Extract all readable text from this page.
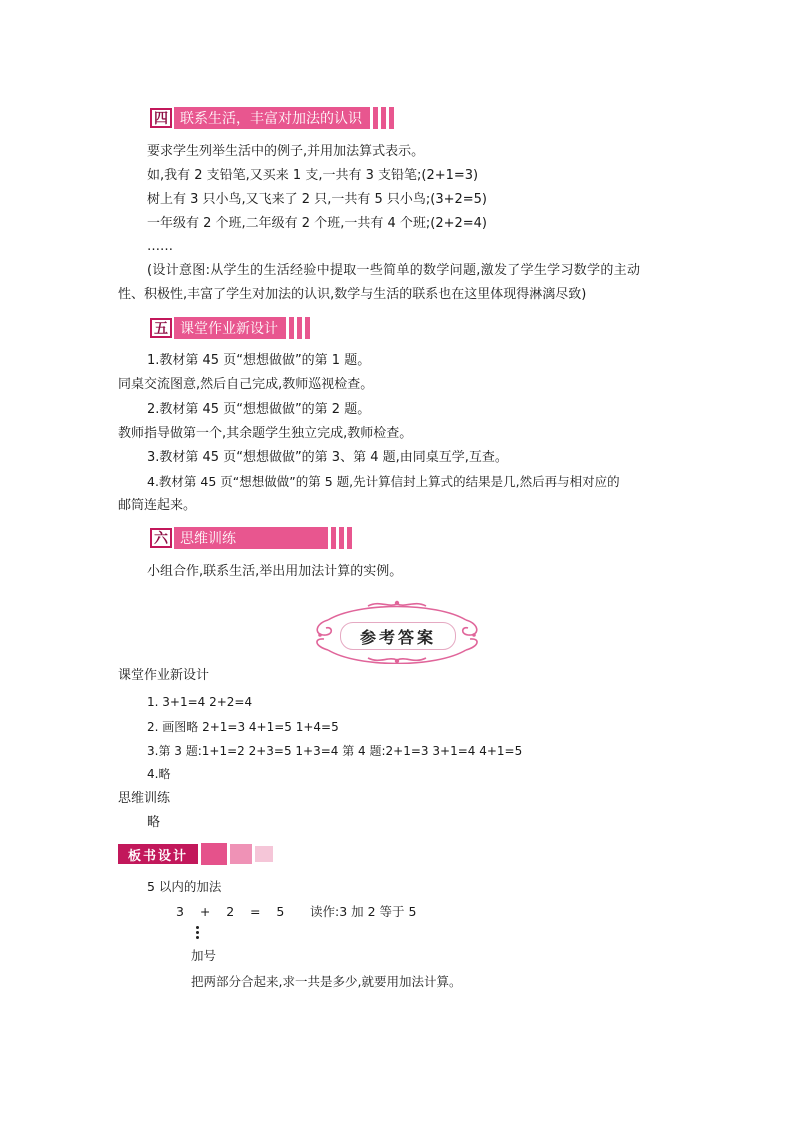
四 联系生活，丰富对加法的认识
要求学生列举生活中的例子,并用加法算式表示。
如,我有 2 支铅笔,又买来 1 支,一共有 3 支铅笔;(2+1=3)
树上有 3 只小鸟,又飞来了 2 只,一共有 5 只小鸟;(3+2=5)
一年级有 2 个班,二年级有 2 个班,一共有 4 个班;(2+2=4)
……
(设计意图:从学生的生活经验中提取一些简单的数学问题,激发了学生学习数学的主动
性、积极性,丰富了学生对加法的认识,数学与生活的联系也在这里体现得淋漓尽致)
五 课堂作业新设计
1.教材第 45 页“想想做做”的第 1 题。
同桌交流图意,然后自己完成,教师巡视检查。
2.教材第 45 页“想想做做”的第 2 题。
教师指导做第一个,其余题学生独立完成,教师检查。
3.教材第 45 页“想想做做”的第 3、第 4 题,由同桌互学,互查。
4.教材第 45 页“想想做做”的第 5 题,先计算信封上算式的结果是几,然后再与相对应的
邮筒连起来。
六 思维训练
小组合作,联系生活,举出用加法计算的实例。
参考答案
课堂作业新设计
1. 3+1=4 2+2=4
2. 画图略 2+1=3 4+1=5 1+4=5
3.第 3 题:1+1=2 2+3=5 1+3=4 第 4 题:2+1=3 3+1=4 4+1=5
4.略
思维训练
略
板书设计
5 以内的加法
3    +    2    =    5 读作:3 加 2 等于 5
加号
把两部分合起来,求一共是多少,就要用加法计算。
